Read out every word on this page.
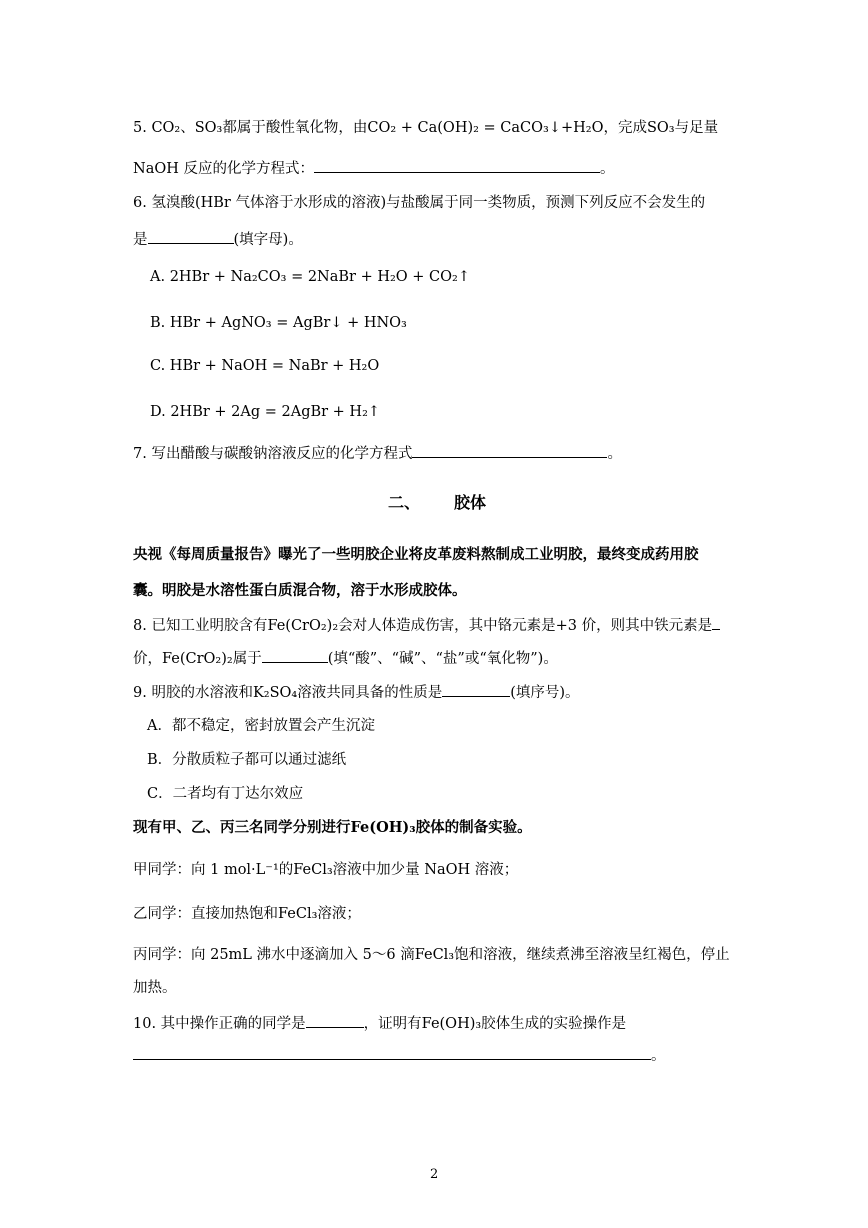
5. CO₂、SO₃都属于酸性氧化物，由CO₂ + Ca(OH)₂ = CaCO₃↓+H₂O，完成SO₃与足量
NaOH 反应的化学方程式：	。
6. 氢溴酸(HBr 气体溶于水形成的溶液)与盐酸属于同一类物质，预测下列反应不会发生的
是	(填字母)。
A. 2HBr + Na₂CO₃ = 2NaBr + H₂O + CO₂↑
B. HBr + AgNO₃ = AgBr↓ + HNO₃
C. HBr + NaOH = NaBr + H₂O
D. 2HBr + 2Ag = 2AgBr + H₂↑
7. 写出醋酸与碳酸钠溶液反应的化学方程式	。
二、 胶体
央视《每周质量报告》曝光了一些明胶企业将皮革废料熬制成工业明胶，最终变成药用胶
囊。明胶是水溶性蛋白质混合物，溶于水形成胶体。
8. 已知工业明胶含有Fe(CrO₂)₂会对人体造成伤害，其中铬元素是+3 价，则其中铁元素是
价，Fe(CrO₂)₂属于	(填“酸”、“碱”、“盐”或“氧化物”)。
9. 明胶的水溶液和K₂SO₄溶液共同具备的性质是	(填序号)。
A．都不稳定，密封放置会产生沉淀
B．分散质粒子都可以通过滤纸
C．二者均有丁达尔效应
现有甲、乙、丙三名同学分别进行Fe(OH)₃胶体的制备实验。
甲同学：向 1 mol·L⁻¹的FeCl₃溶液中加少量 NaOH 溶液；
乙同学：直接加热饱和FeCl₃溶液；
丙同学：向 25mL 沸水中逐滴加入 5～6 滴FeCl₃饱和溶液，继续煮沸至溶液呈红褐色，停止
加热。
10. 其中操作正确的同学是	，证明有Fe(OH)₃胶体生成的实验操作是
。
2
